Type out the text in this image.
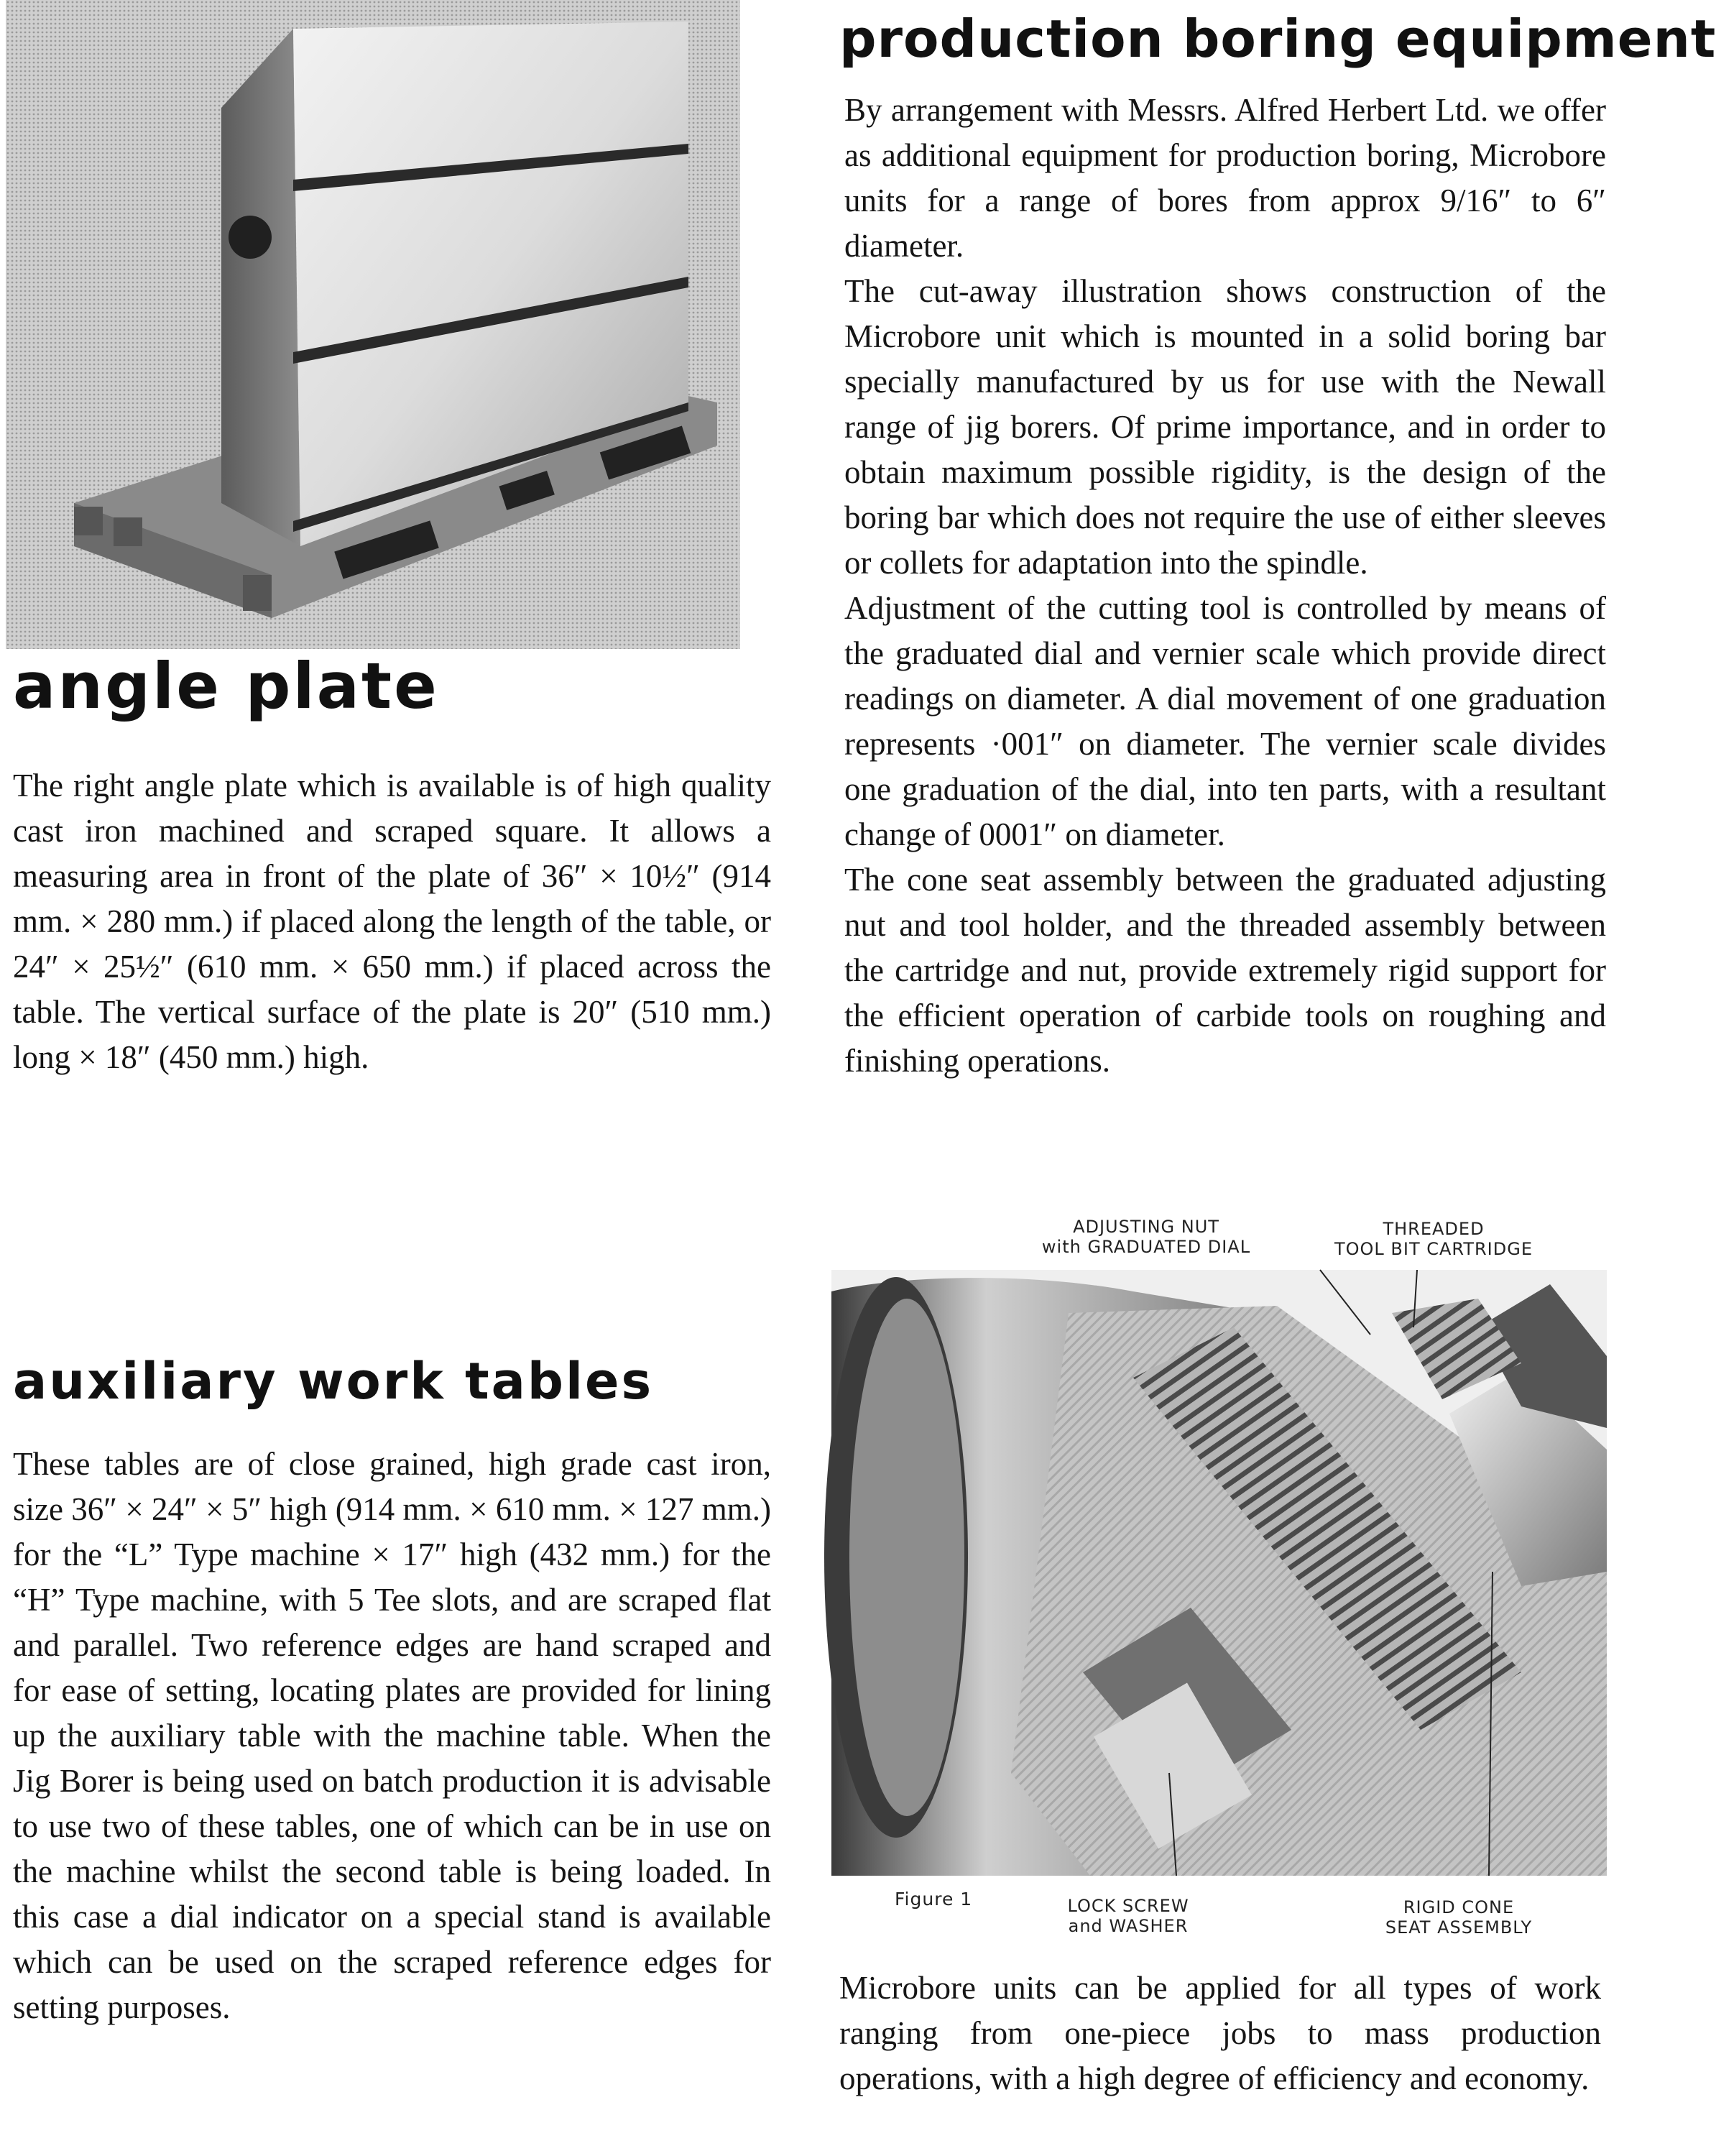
angle plate
The right angle plate which is available is of high quality cast iron machined and scraped square. It allows a measuring area in front of the plate of 36″ × 10½″ (914 mm. × 280 mm.) if placed along the length of the table, or 24″ × 25½″ (610 mm. × 650 mm.) if placed across the table. The vertical surface of the plate is 20″ (510 mm.) long × 18″ (450 mm.) high.
auxiliary work tables
These tables are of close grained, high grade cast iron, size 36″ × 24″ × 5″ high (914 mm. × 610 mm. × 127 mm.) for the “L” Type machine × 17″ high (432 mm.) for the “H” Type machine, with 5 Tee slots, and are scraped flat and parallel. Two reference edges are hand scraped and for ease of setting, locating plates are provided for lining up the auxiliary table with the machine table. When the Jig Borer is being used on batch production it is advisable to use two of these tables, one of which can be in use on the machine whilst the second table is being loaded. In this case a dial indicator on a special stand is available which can be used on the scraped reference edges for setting purposes.
production boring equipment

By arrangement with Messrs. Alfred Herbert Ltd. we offer as additional equipment for production boring, Microbore units for a range of bores from approx 9/16″ to 6″ diameter.

The cut-away illustration shows construction of the Microbore unit which is mounted in a solid boring bar specially manufactured by us for use with the Newall range of jig borers. Of prime importance, and in order to obtain maximum possible rigidity, is the design of the boring bar which does not require the use of either sleeves or collets for adaptation into the spindle.

Adjustment of the cutting tool is controlled by means of the graduated dial and vernier scale which provide direct readings on diameter. A dial movement of one graduation represents ·001″ on diameter. The vernier scale divides one graduation of the dial, into ten parts, with a resultant change of 0001″ on diameter.

The cone seat assembly between the graduated adjusting nut and tool holder, and the threaded assembly between the cartridge and nut, provide extremely rigid support for the efficient operation of carbide tools on roughing and finishing operations.

ADJUSTING NUT
with GRADUATED DIAL
THREADED
TOOL BIT CARTRIDGE
Figure 1	LOCK SCREW
and WASHER
RIGID CONE
SEAT ASSEMBLY
Microbore units can be applied for all types of work ranging from one-piece jobs to mass production operations, with a high degree of efficiency and economy.
